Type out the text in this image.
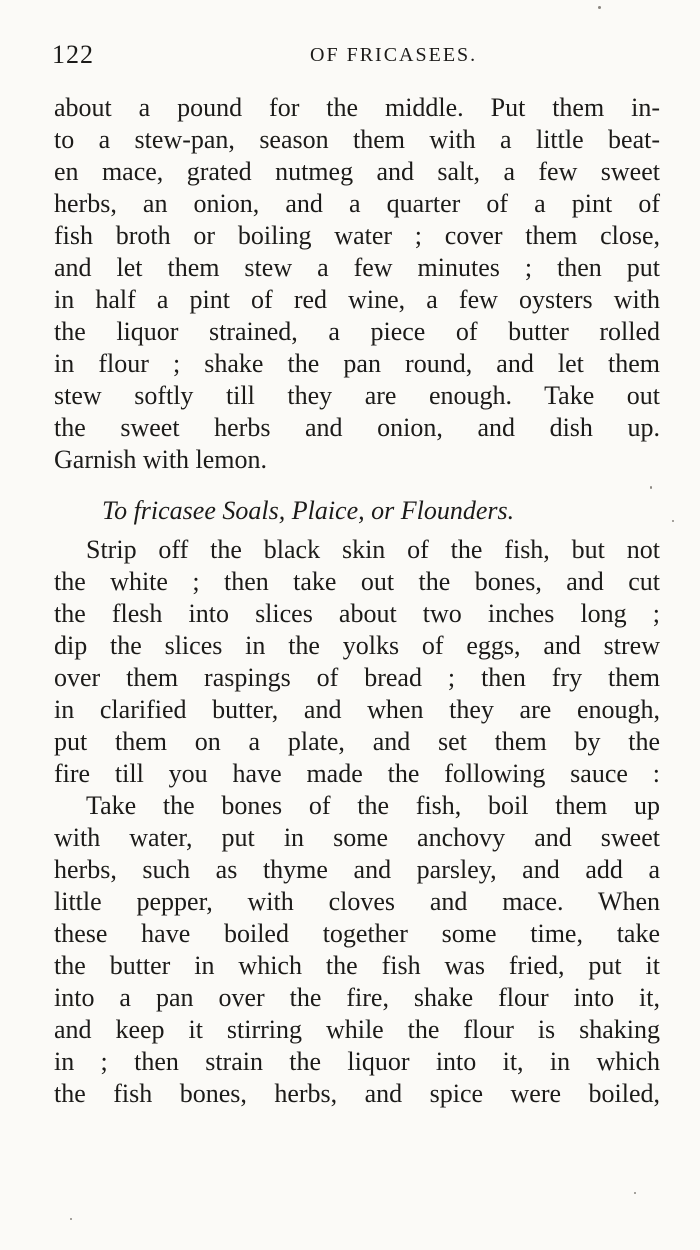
122	OF FRICASEES.
about a pound for the middle. Put them in-
to a stew-pan, season them with a little beat-
en mace, grated nutmeg and salt, a few sweet
herbs, an onion, and a quarter of a pint of
fish broth or boiling water ; cover them close,
and let them stew a few minutes ; then put
in half a pint of red wine, a few oysters with
the liquor strained, a piece of butter rolled
in flour ; shake the pan round, and let them
stew softly till they are enough. Take out
the sweet herbs and onion, and dish up.
Garnish with lemon.
To fricasee Soals, Plaice, or Flounders.
Strip off the black skin of the fish, but not
the white ; then take out the bones, and cut
the flesh into slices about two inches long ;
dip the slices in the yolks of eggs, and strew
over them raspings of bread ; then fry them
in clarified butter, and when they are enough,
put them on a plate, and set them by the
fire till you have made the following sauce :
Take the bones of the fish, boil them up
with water, put in some anchovy and sweet
herbs, such as thyme and parsley, and add a
little pepper, with cloves and mace. When
these have boiled together some time, take
the butter in which the fish was fried, put it
into a pan over the fire, shake flour into it,
and keep it stirring while the flour is shaking
in ; then strain the liquor into it, in which
the fish bones, herbs, and spice were boiled,
